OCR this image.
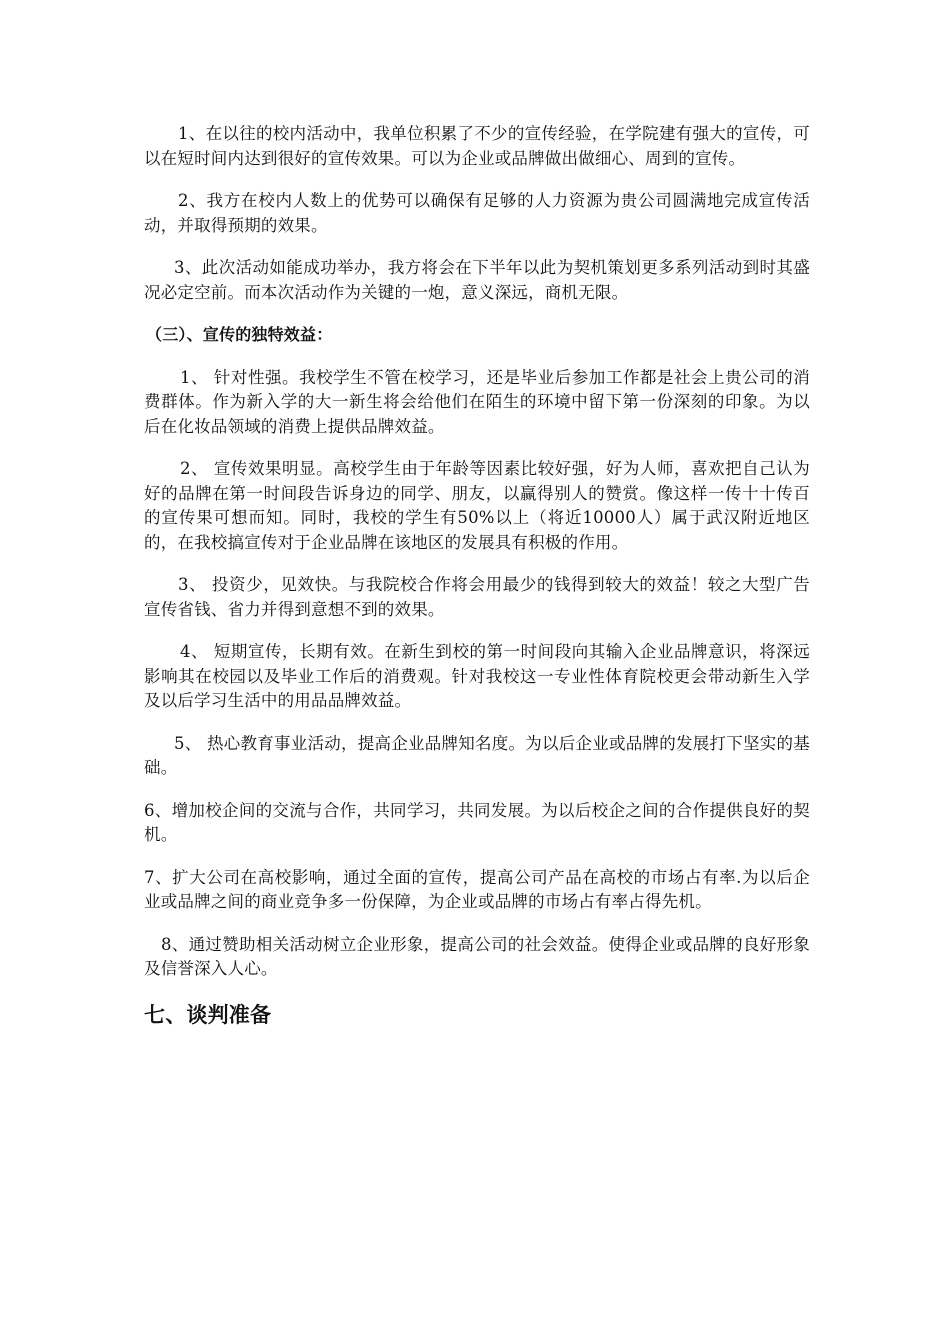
1、在以往的校内活动中，我单位积累了不少的宣传经验，在学院建有强大的宣传，可以在短时间内达到很好的宣传效果。可以为企业或品牌做出做细心、周到的宣传。

2、我方在校内人数上的优势可以确保有足够的人力资源为贵公司圆满地完成宣传活动，并取得预期的效果。

3、此次活动如能成功举办，我方将会在下半年以此为契机策划更多系列活动到时其盛况必定空前。而本次活动作为关键的一炮，意义深远，商机无限。

（三）、宣传的独特效益：

1、 针对性强。我校学生不管在校学习，还是毕业后参加工作都是社会上贵公司的消费群体。作为新入学的大一新生将会给他们在陌生的环境中留下第一份深刻的印象。为以后在化妆品领域的消费上提供品牌效益。

2、 宣传效果明显。高校学生由于年龄等因素比较好强，好为人师，喜欢把自己认为好的品牌在第一时间段告诉身边的同学、朋友，以赢得别人的赞赏。像这样一传十十传百的宣传果可想而知。同时，我校的学生有50%以上（将近10000人）属于武汉附近地区的，在我校搞宣传对于企业品牌在该地区的发展具有积极的作用。

3、 投资少，见效快。与我院校合作将会用最少的钱得到较大的效益！较之大型广告宣传省钱、省力并得到意想不到的效果。

4、 短期宣传，长期有效。在新生到校的第一时间段向其输入企业品牌意识，将深远影响其在校园以及毕业工作后的消费观。针对我校这一专业性体育院校更会带动新生入学及以后学习生活中的用品品牌效益。

5、 热心教育事业活动，提高企业品牌知名度。为以后企业或品牌的发展打下坚实的基础。

6、增加校企间的交流与合作，共同学习，共同发展。为以后校企之间的合作提供良好的契机。

7、扩大公司在高校影响，通过全面的宣传，提高公司产品在高校的市场占有率.为以后企业或品牌之间的商业竞争多一份保障，为企业或品牌的市场占有率占得先机。

8、通过赞助相关活动树立企业形象，提高公司的社会效益。使得企业或品牌的良好形象及信誉深入人心。

七、谈判准备
